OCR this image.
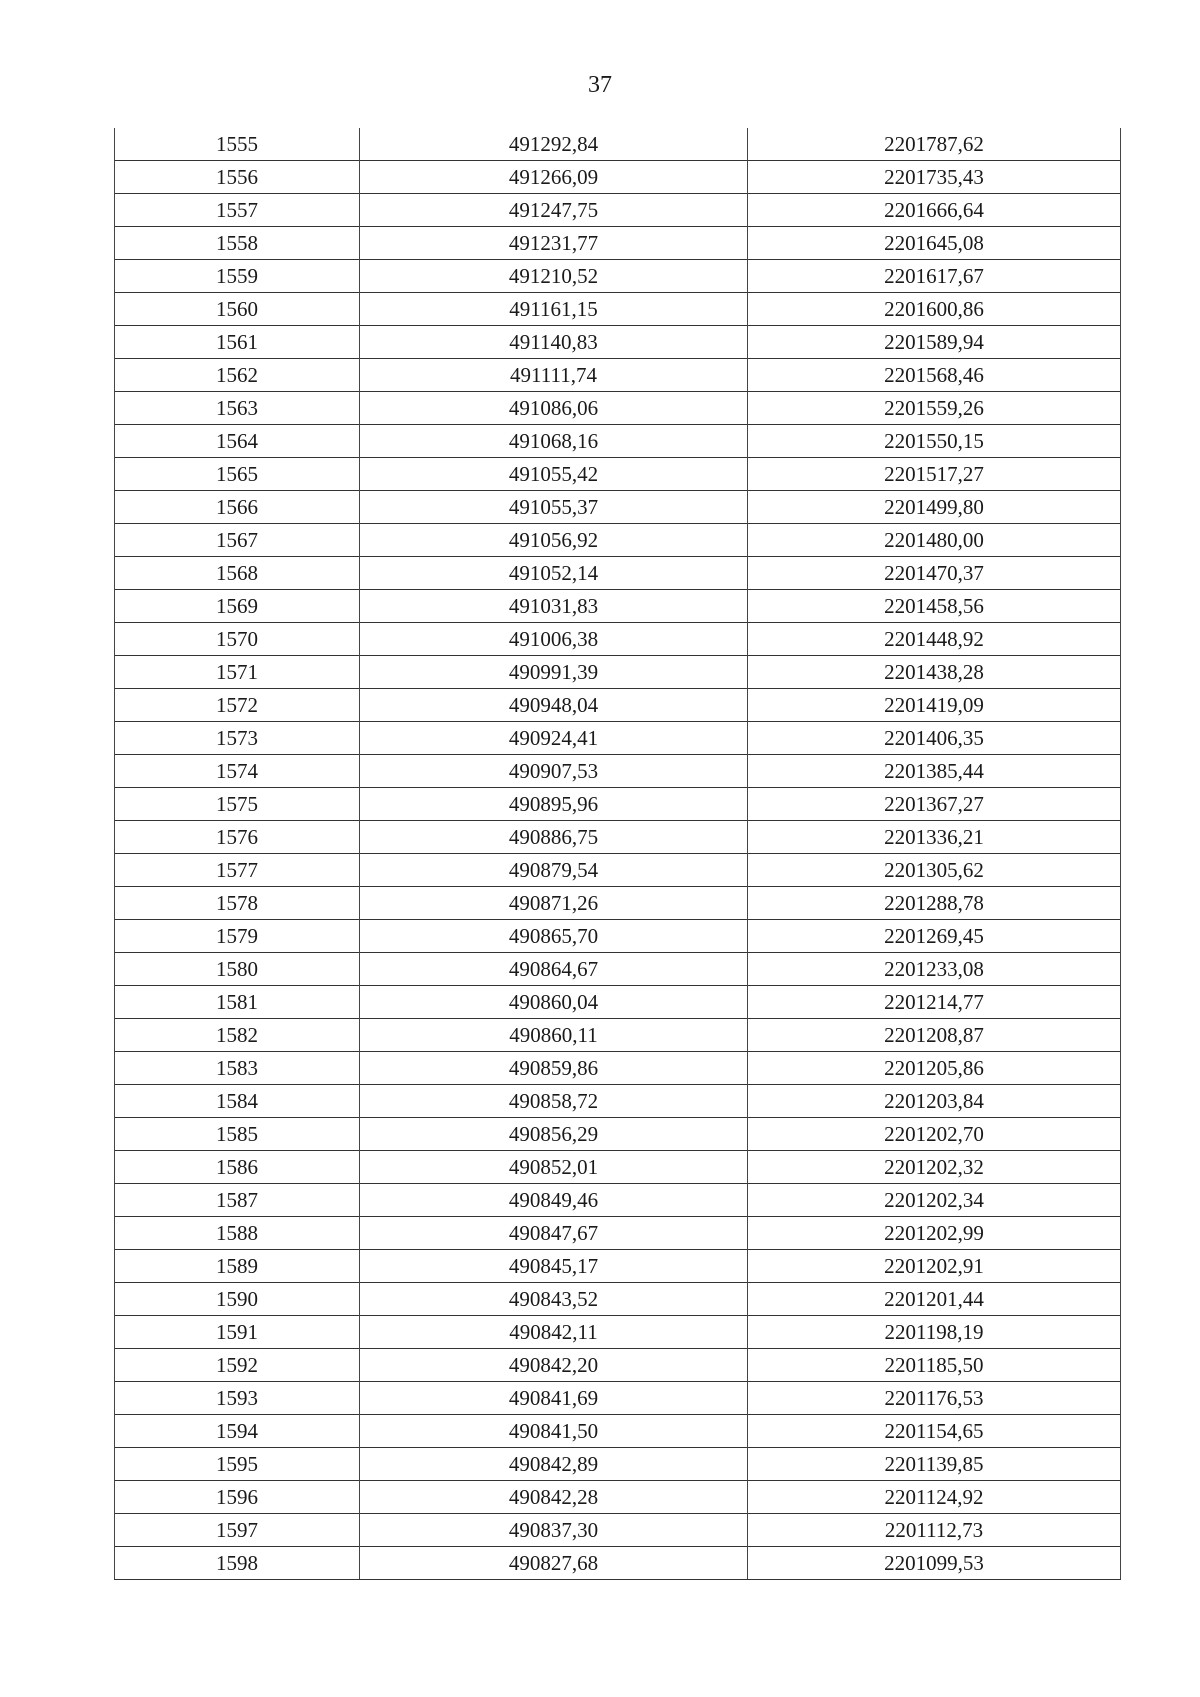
37
1555	491292,84	2201787,62
1556	491266,09	2201735,43
1557	491247,75	2201666,64
1558	491231,77	2201645,08
1559	491210,52	2201617,67
1560	491161,15	2201600,86
1561	491140,83	2201589,94
1562	491111,74	2201568,46
1563	491086,06	2201559,26
1564	491068,16	2201550,15
1565	491055,42	2201517,27
1566	491055,37	2201499,80
1567	491056,92	2201480,00
1568	491052,14	2201470,37
1569	491031,83	2201458,56
1570	491006,38	2201448,92
1571	490991,39	2201438,28
1572	490948,04	2201419,09
1573	490924,41	2201406,35
1574	490907,53	2201385,44
1575	490895,96	2201367,27
1576	490886,75	2201336,21
1577	490879,54	2201305,62
1578	490871,26	2201288,78
1579	490865,70	2201269,45
1580	490864,67	2201233,08
1581	490860,04	2201214,77
1582	490860,11	2201208,87
1583	490859,86	2201205,86
1584	490858,72	2201203,84
1585	490856,29	2201202,70
1586	490852,01	2201202,32
1587	490849,46	2201202,34
1588	490847,67	2201202,99
1589	490845,17	2201202,91
1590	490843,52	2201201,44
1591	490842,11	2201198,19
1592	490842,20	2201185,50
1593	490841,69	2201176,53
1594	490841,50	2201154,65
1595	490842,89	2201139,85
1596	490842,28	2201124,92
1597	490837,30	2201112,73
1598	490827,68	2201099,53
